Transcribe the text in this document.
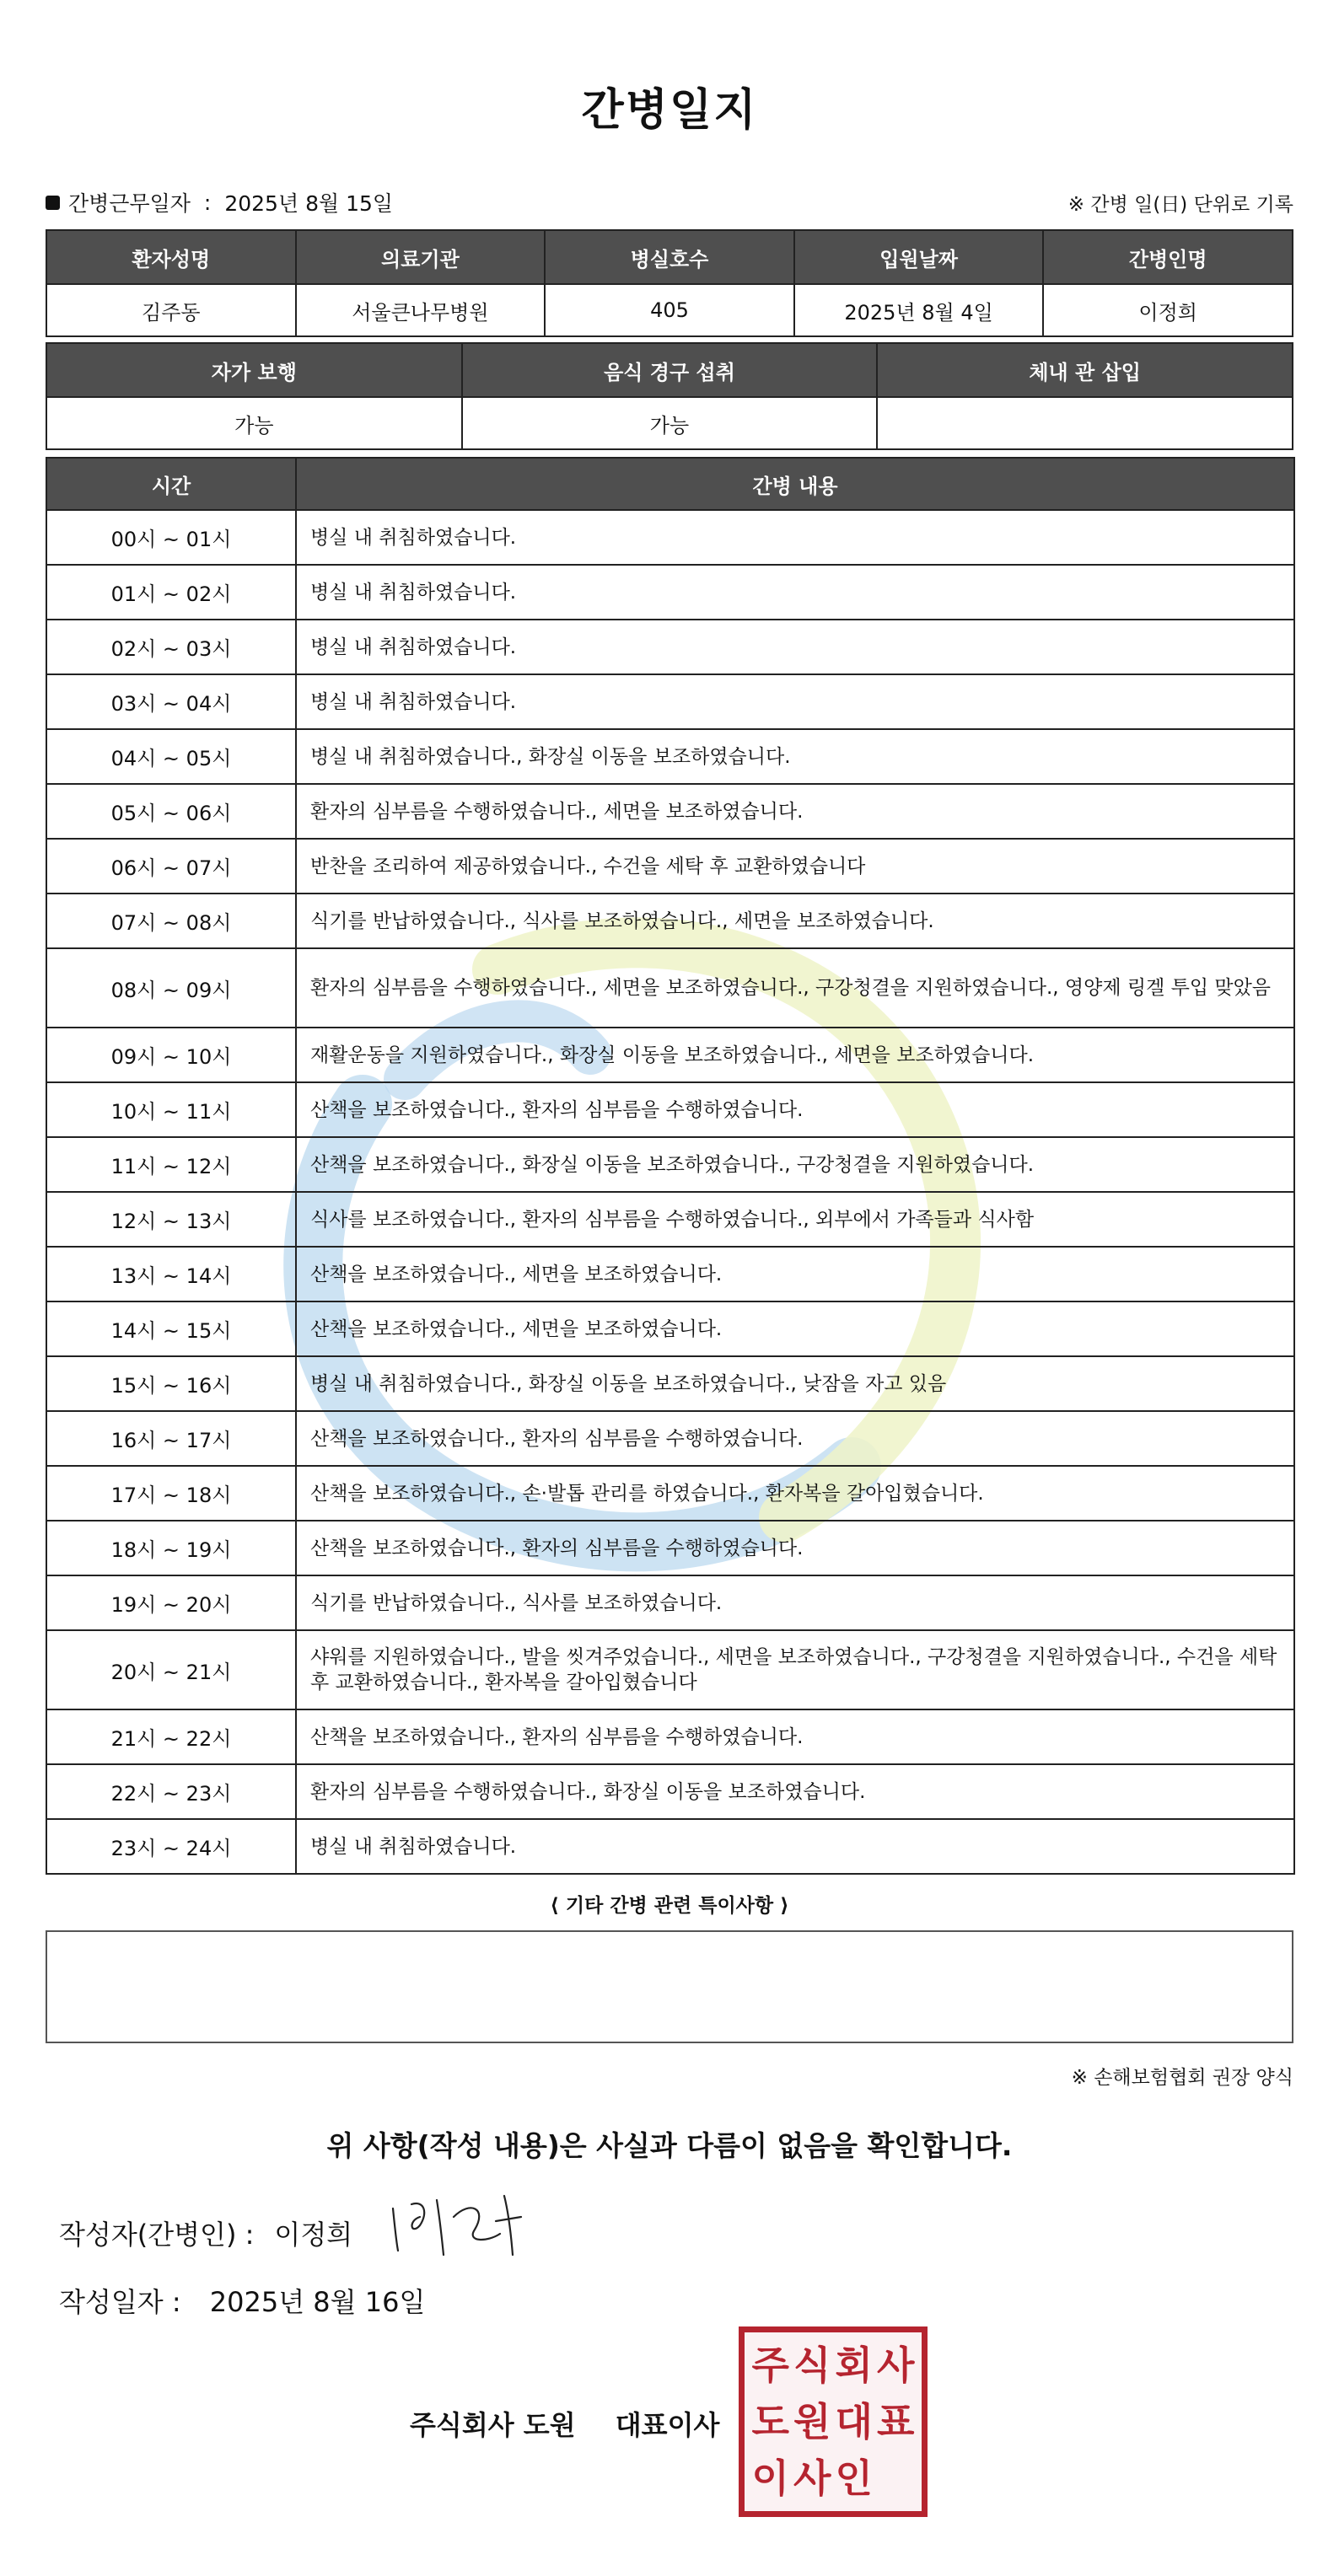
간병일지
간병근무일자 : 2025년 8월 15일	※ 간병 일(日) 단위로 기록
환자성명	의료기관	병실호수	입원날짜	간병인명
김주동	서울큰나무병원	405	2025년 8월 4일	이정희
자가 보행	음식 경구 섭취	체내 관 삽입
가능	가능	
시간	간병 내용
00시 ~ 01시	병실 내 취침하였습니다.
01시 ~ 02시	병실 내 취침하였습니다.
02시 ~ 03시	병실 내 취침하였습니다.
03시 ~ 04시	병실 내 취침하였습니다.
04시 ~ 05시	병실 내 취침하였습니다., 화장실 이동을 보조하였습니다.
05시 ~ 06시	환자의 심부름을 수행하였습니다., 세면을 보조하였습니다.
06시 ~ 07시	반찬을 조리하여 제공하였습니다., 수건을 세탁 후 교환하였습니다
07시 ~ 08시	식기를 반납하였습니다., 식사를 보조하였습니다., 세면을 보조하였습니다.
08시 ~ 09시	환자의 심부름을 수행하였습니다., 세면을 보조하였습니다., 구강청결을 지원하였습니다., 영양제 링겔 투입 맞았음
09시 ~ 10시	재활운동을 지원하였습니다., 화장실 이동을 보조하였습니다., 세면을 보조하였습니다.
10시 ~ 11시	산책을 보조하였습니다., 환자의 심부름을 수행하였습니다.
11시 ~ 12시	산책을 보조하였습니다., 화장실 이동을 보조하였습니다., 구강청결을 지원하였습니다.
12시 ~ 13시	식사를 보조하였습니다., 환자의 심부름을 수행하였습니다., 외부에서 가족들과 식사함
13시 ~ 14시	산책을 보조하였습니다., 세면을 보조하였습니다.
14시 ~ 15시	산책을 보조하였습니다., 세면을 보조하였습니다.
15시 ~ 16시	병실 내 취침하였습니다., 화장실 이동을 보조하였습니다., 낮잠을 자고 있음
16시 ~ 17시	산책을 보조하였습니다., 환자의 심부름을 수행하였습니다.
17시 ~ 18시	산책을 보조하였습니다., 손·발톱 관리를 하였습니다., 환자복을 갈아입혔습니다.
18시 ~ 19시	산책을 보조하였습니다., 환자의 심부름을 수행하였습니다.
19시 ~ 20시	식기를 반납하였습니다., 식사를 보조하였습니다.
20시 ~ 21시	샤워를 지원하였습니다., 발을 씻겨주었습니다., 세면을 보조하였습니다., 구강청결을 지원하였습니다., 수건을 세탁 후 교환하였습니다., 환자복을 갈아입혔습니다
21시 ~ 22시	산책을 보조하였습니다., 환자의 심부름을 수행하였습니다.
22시 ~ 23시	환자의 심부름을 수행하였습니다., 화장실 이동을 보조하였습니다.
23시 ~ 24시	병실 내 취침하였습니다.
⟨ 기타 간병 관련 특이사항 ⟩
※ 손해보험협회 권장 양식
위 사항(작성 내용)은 사실과 다름이 없음을 확인합니다.
작성자(간병인) : 이정희
작성일자 : 2025년 8월 16일
주식회사 도원 대표이사
주 식 회 사
도 원 대 표
이 사 인
